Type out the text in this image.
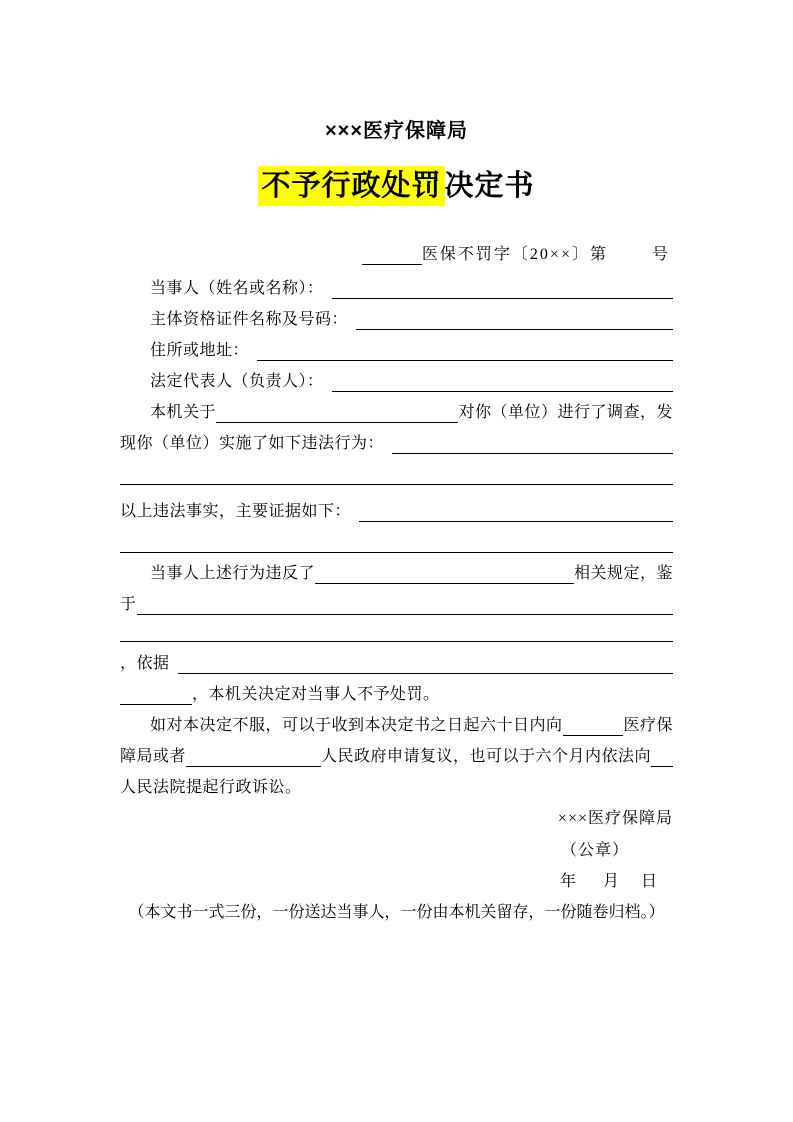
×××医疗保障局
不予行政处罚 决定书
医保不罚字〔20××〕第	号
当事人（姓名或名称）：
主体资格证件名称及号码：
住所或地址：
法定代表人（负责人）：
本机关于	对你（单位）进行了调查，发
现你（单位）实施了如下违法行为：
以上违法事实，主要证据如下：
当事人上述行为违反了	相关规定，鉴
于
，依据
，本机关决定对当事人不予处罚。
如对本决定不服，可以于收到本决定书之日起六十日内向	医疗保
障局或者	人民政府申请复议，也可以于六个月内依法向
人民法院提起行政诉讼。
×××医疗保障局
（公章）
年 月 日
（本文书一式三份，一份送达当事人，一份由本机关留存，一份随卷归档。）
